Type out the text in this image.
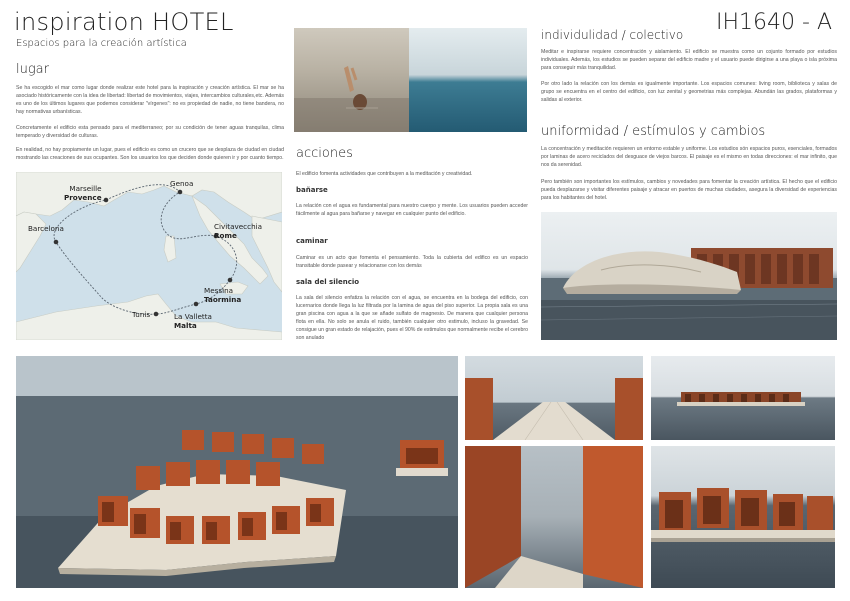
inspiration HOTEL
Espacios para la creación artística
IH1640 - A
lugar
Se ha escogido el mar como lugar donde realizar este hotel para la inspiración y creación artística. El mar se ha asociado históricamente con la idea de libertad: libertad de movimientos, viajes, intercambios culturales,etc. Además es uno de los últimos lugares que podemos considerar "vírgenes": no es propiedad de nadie, no tiene bandera, no hay normativas urbanísticas.
Concretamente el edificio esta pensado para el mediterraneo; por su condición de tener aguas tranquilas, clima temperado y diversidad de culturas.
En realidad, no hay propiamente un lugar, pues el edificio es como un crucero que se desplaza de ciudad en ciudad mostrando las creaciones de sus ocupantes. Son los usuarios los que deciden donde quieren ir y por cuanto tiempo.
Marseille
Provence
Genoa
Barcelona	Civitavecchia
Rome
Messina
Taormina
Tunis	La Valletta
Malta
acciones
El edificio fomenta actividades que contribuyen a la meditación y creatividad.
bañarse
La relación con el agua es fundamental para nuestro cuerpo y mente. Los usuarios pueden acceder fácilmente al agua para bañarse y navegar en cualquier punto del edificio.
caminar
Caminar es un acto que fomenta el pensamiento. Toda la cubierta del edifico es un espacio transitable donde pasear y relacionarse con los demás
sala del silencio
La sala del silencio enfatiza la relación con el agua, se encuentra en la bodega del edificio, con lucernarios donde llega la luz filtrada por la lamina de agua del piso superior. La propia sala es una gran piscina con agua a la que se añade sulfato de magnesio. De manera que cualquier persona flota en ella. No solo se anula el ruido, también cualquier otro estimulo, incluso la gravedad. Se consigue un gran estado de relajación, pues el 90% de estimulos que normalmente recibe el cerebro son anulado
individulidad / colectivo
Meditar e inspirarse requiere concentración y aislamiento. El edificio se muestra como un cojunto formado por estudios individuales. Además, los estudios se pueden separar del edificio madre y el usuario puede dirigirse a una playa o isla próxima para conseguir más tranquilidad.
Por otro lado la relación con los demás es igualmente importante. Los espacios comunes: living room, biblioteca y salas de grupo se encuentra en el centro del edificio, con luz zenital y geometrias más complejas. Abundán las grados, plataformas y salidas al exterior.
uniformidad / estímulos y cambios
La concentración y meditación requieren un entorno estable y uniforme. Los estudios són espacios puros, esenciales, formados por laminas de acero reciclados del desguace de viejos barcos. El paisaje es el mismo en todas direcciones: el mar infinito, que nos da serenidad.
Pero también son importantes los estímulos, cambios y novedades para fomentar la creación artística. El hecho que el edificio pueda desplazarse y visitar diferentes paisaje y atracar en puertos de muchas ciudades, asegura la diversidad de experiencias para los habitantes del hotel.
